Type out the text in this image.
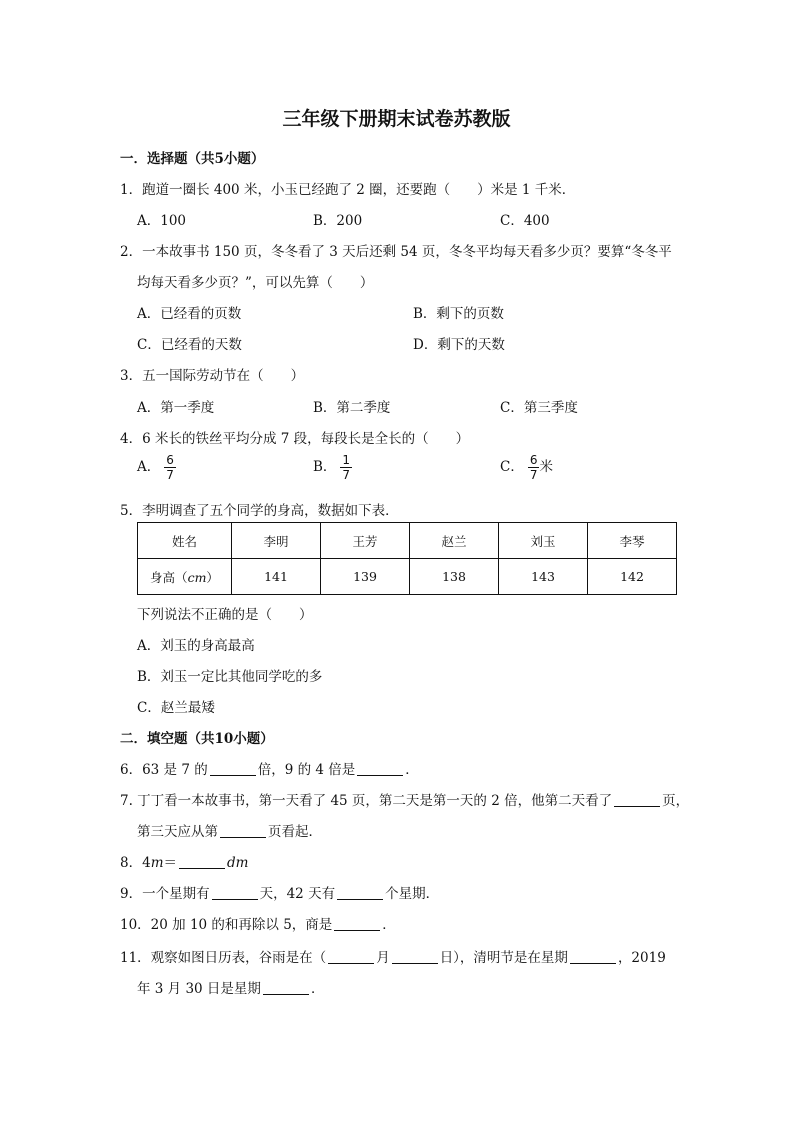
三年级下册期末试卷苏教版
一．选择题（共5小题）
1．跑道一圈长 400 米，小玉已经跑了 2 圈，还要跑（　　）米是 1 千米．
A．100	B．200	C．400
2．一本故事书 150 页，冬冬看了 3 天后还剩 54 页，冬冬平均每天看多少页？要算“冬冬平
均每天看多少页？”，可以先算（　　）
A．已经看的页数	B．剩下的页数
C．已经看的天数	D．剩下的天数
3．五一国际劳动节在（　　）
A．第一季度	B．第二季度	C．第三季度
4．6 米长的铁丝平均分成 7 段，每段长是全长的（　　）
A． $\frac{6}{7}$	B． $\frac{1}{7}$	C． $\frac{6}{7}$ 米
5．李明调查了五个同学的身高，数据如下表．
姓名	李明	王芳	赵兰	刘玉	李琴
身高（cm）	141	139	138	143	142
下列说法不正确的是（　　）
A．刘玉的身高最高
B．刘玉一定比其他同学吃的多
C．赵兰最矮
二．填空题（共10小题）
6．63 是 7 的	倍，9 的 4 倍是	．
7. 丁丁看一本故事书，第一天看了 45 页，第二天是第一天的 2 倍，他第二天看了	页，
第三天应从第	页看起．
8．4m＝	dm
9．一个星期有	天，42 天有	个星期．
10．20 加 10 的和再除以 5，商是	．
11．观察如图日历表，谷雨是在（	月	日），清明节是在星期	，2019
年 3 月 30 日是星期	．
